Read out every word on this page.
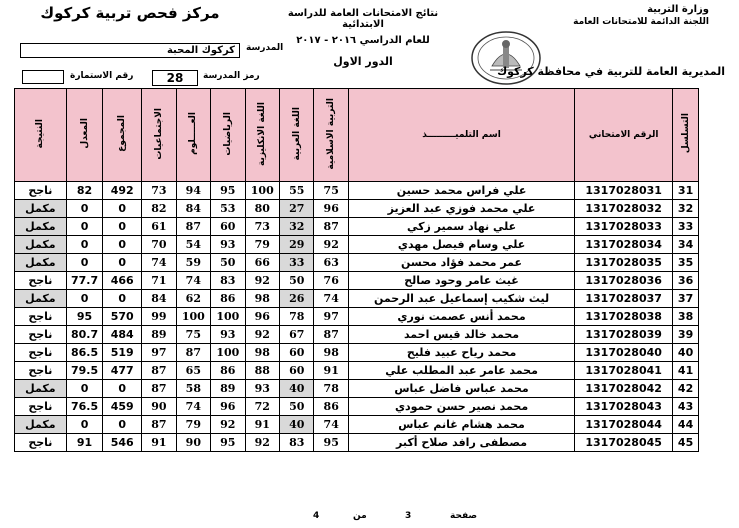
مركز فحص تربية كركوك
كركوك المحبة	المدرسة
رقم الاستمارة	28	رمز المدرسة
نتائج الامتحانات العامة للدراسة الابتدائية
للعام الدراسي ٢٠١٦ - ٢٠١٧
الدور الاول
وزارة التربية
اللجنة الدائمة للامتحانات العامة
المديرية العامة للتربية في محافظة كركوك
التسلسل	الرقم الامتحاني	اسم التلميـــــــــذ	التربية الاسلامية	اللغة العربية	اللغة الانكليزية	الرياضيات	العـــــلوم	الاجتماعيات	المجموع	المعدل	النتيجة
31	1317028031	علي فراس محمد حسين	75	55	100	95	94	73	492	82	ناجح
32	1317028032	علي محمد فوزي عبد العزيز	96	27	80	53	84	82	0	0	مكمل
33	1317028033	علي نهاد سمير زكي	87	32	73	60	87	61	0	0	مكمل
34	1317028034	علي وسام فيصل مهدي	92	29	79	93	54	70	0	0	مكمل
35	1317028035	عمر محمد فؤاد محسن	63	33	66	50	59	74	0	0	مكمل
36	1317028036	غيث عامر وحود صالح	76	50	92	83	74	71	466	77.7	ناجح
37	1317028037	ليث شكيب إسماعيل عبد الرحمن	74	26	98	86	62	84	0	0	مكمل
38	1317028038	محمد أنس عصمت نوري	97	78	96	100	100	99	570	95	ناجح
39	1317028039	محمد خالد قيس احمد	87	67	92	93	75	89	484	80.7	ناجح
40	1317028040	محمد رياح عبيد فليح	98	60	98	100	87	97	519	86.5	ناجح
41	1317028041	محمد عامر عبد المطلب علي	91	60	88	86	65	87	477	79.5	ناجح
42	1317028042	محمد عباس فاضل عباس	78	40	93	89	58	87	0	0	مكمل
43	1317028043	محمد نصير حسن حمودي	86	50	72	96	74	90	459	76.5	ناجح
44	1317028044	محمد هشام غانم عباس	74	40	91	92	79	87	0	0	مكمل
45	1317028045	مصطفى رافد صلاح أكبر	95	83	92	95	90	91	546	91	ناجح
صفحة
3
من
4
